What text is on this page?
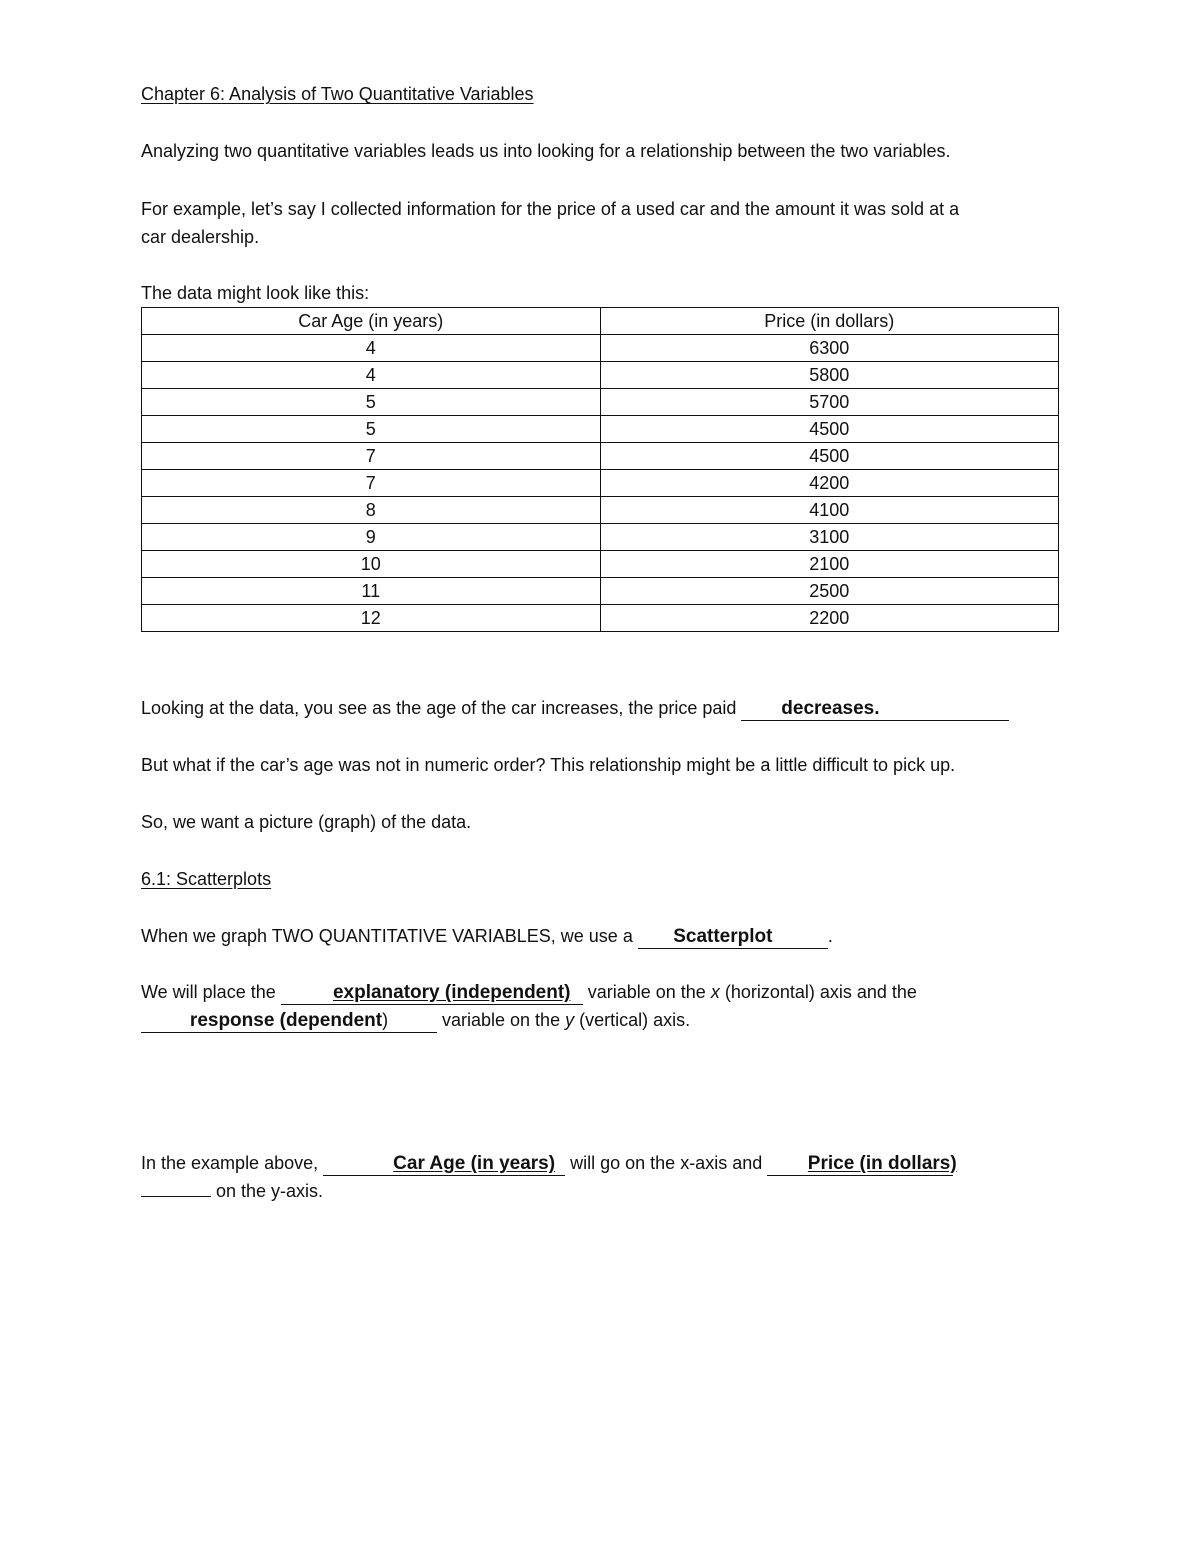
Chapter 6: Analysis of Two Quantitative Variables
Analyzing two quantitative variables leads us into looking for a relationship between the two variables.
For example, let’s say I collected information for the price of a used car and the amount it was sold at a
car dealership.
The data might look like this:
Car Age (in years)	Price (in dollars)
4	6300
4	5800
5	5700
5	4500
7	4500
7	4200
8	4100
9	3100
10	2100
11	2500
12	2200
Looking at the data, you see as the age of the car increases, the price paid decreases.
But what if the car’s age was not in numeric order? This relationship might be a little difficult to pick up.
So, we want a picture (graph) of the data.
6.1: Scatterplots
When we graph TWO QUANTITATIVE VARIABLES, we use a Scatterplot	.
We will place the	explanatory (independent) variable on the x (horizontal) axis and the
response (dependent)	variable on the y (vertical) axis.
In the example above,	Car Age (in years) will go on the x-axis and Price (in dollars)
on the y-axis.
